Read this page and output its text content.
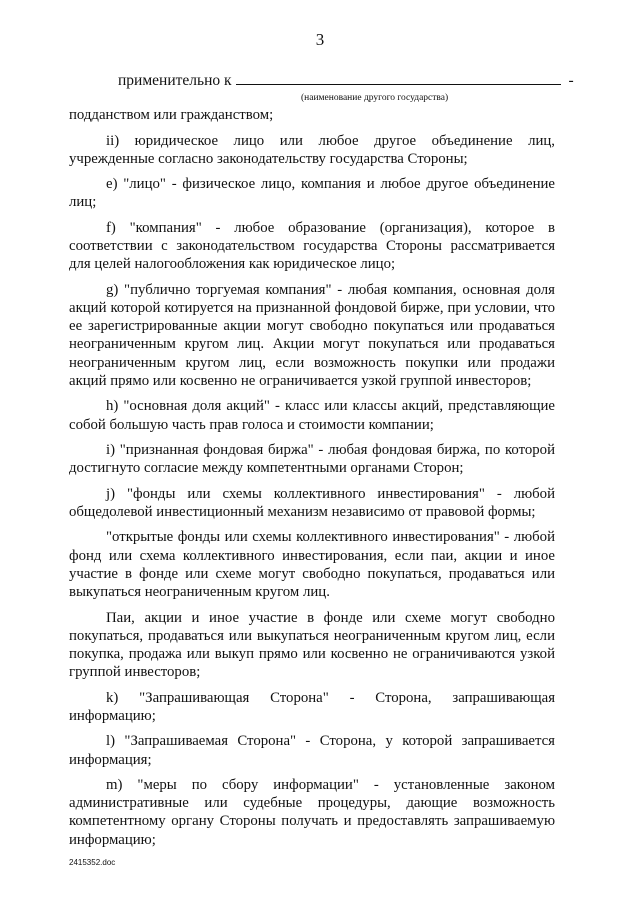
3
применительно к	-
(наименование другого государства)

подданством или гражданством;

ii) юридическое лицо или любое другое объединение лиц, учрежденные согласно законодательству государства Стороны;

e) "лицо" - физическое лицо, компания и любое другое объединение лиц;

f) "компания" - любое образование (организация), которое в соответствии с законодательством государства Стороны рассматривается для целей налогообложения как юридическое лицо;

g) "публично торгуемая компания" - любая компания, основная доля акций которой котируется на признанной фондовой бирже, при условии, что ее зарегистрированные акции могут свободно покупаться или продаваться неограниченным кругом лиц. Акции могут покупаться или продаваться неограниченным кругом лиц, если возможность покупки или продажи акций прямо или косвенно не ограничивается узкой группой инвесторов;

h) "основная доля акций" - класс или классы акций, представляющие собой большую часть прав голоса и стоимости компании;

i) "признанная фондовая биржа" - любая фондовая биржа, по которой достигнуто согласие между компетентными органами Сторон;

j) "фонды или схемы коллективного инвестирования" - любой общедолевой инвестиционный механизм независимо от правовой формы;

"открытые фонды или схемы коллективного инвестирования" - любой фонд или схема коллективного инвестирования, если паи, акции и иное участие в фонде или схеме могут свободно покупаться, продаваться или выкупаться неограниченным кругом лиц.

Паи, акции и иное участие в фонде или схеме могут свободно покупаться, продаваться или выкупаться неограниченным кругом лиц, если покупка, продажа или выкуп прямо или косвенно не ограничиваются узкой группой инвесторов;

k) "Запрашивающая Сторона" - Сторона, запрашивающая информацию;

l) "Запрашиваемая Сторона" - Сторона, у которой запрашивается информация;

m) "меры по сбору информации" - установленные законом административные или судебные процедуры, дающие возможность компетентному органу Стороны получать и предоставлять запрашиваемую информацию;

2415352.doc
